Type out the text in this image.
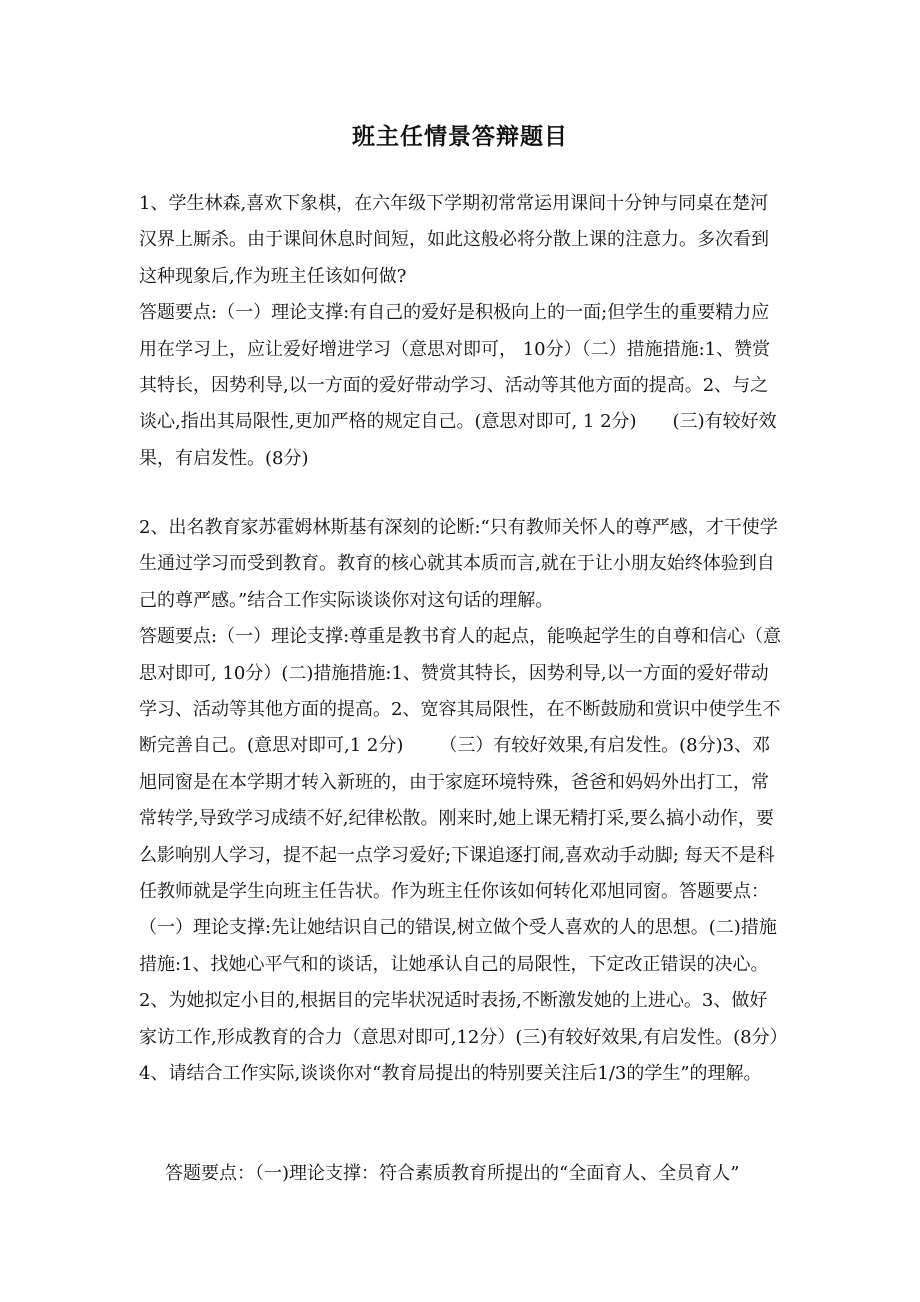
班主任情景答辩题目

1、学生林森,喜欢下象棋，在六年级下学期初常常运用课间十分钟与同桌在楚河汉界上厮杀。由于课间休息时间短，如此这般必将分散上课的注意力。多次看到这种现象后,作为班主任该如何做?

答题要点:（一）理论支撑:有自己的爱好是积极向上的一面;但学生的重要精力应用在学习上，应让爱好增进学习（意思对即可， 10分）（二）措施措施:1、赞赏其特长，因势利导,以一方面的爱好带动学习、活动等其他方面的提高。2、与之谈心,指出其局限性,更加严格的规定自己。(意思对即可, 1 2分)　　(三)有较好效果，有启发性。(8分)

2、出名教育家苏霍姆林斯基有深刻的论断:“只有教师关怀人的尊严感，才干使学生通过学习而受到教育。教育的核心就其本质而言,就在于让小朋友始终体验到自己的尊严感。”结合工作实际谈谈你对这句话的理解。

答题要点:（一）理论支撑:尊重是教书育人的起点，能唤起学生的自尊和信心（意思对即可, 10分）(二)措施措施:1、赞赏其特长，因势利导,以一方面的爱好带动学习、活动等其他方面的提高。2、宽容其局限性，在不断鼓励和赏识中使学生不断完善自己。(意思对即可,1 2分) （三）有较好效果,有启发性。(8分)3、邓旭同窗是在本学期才转入新班的，由于家庭环境特殊，爸爸和妈妈外出打工，常常转学,导致学习成绩不好,纪律松散。刚来时,她上课无精打采,要么搞小动作，要么影响别人学习，提不起一点学习爱好;下课追逐打闹,喜欢动手动脚; 每天不是科任教师就是学生向班主任告状。作为班主任你该如何转化邓旭同窗。答题要点：（一）理论支撑:先让她结识自己的错误,树立做个受人喜欢的人的思想。(二)措施措施:1、找她心平气和的谈话，让她承认自己的局限性，下定改正错误的决心。2、为她拟定小目的,根据目的完毕状况适时表扬,不断激发她的上进心。3、做好家访工作,形成教育的合力（意思对即可,12分）(三)有较好效果,有启发性。(8分）4、请结合工作实际,谈谈你对“教育局提出的特别要关注后1/3的学生”的理解。

答题要点：（一)理论支撑：符合素质教育所提出的“全面育人、全员育人”
